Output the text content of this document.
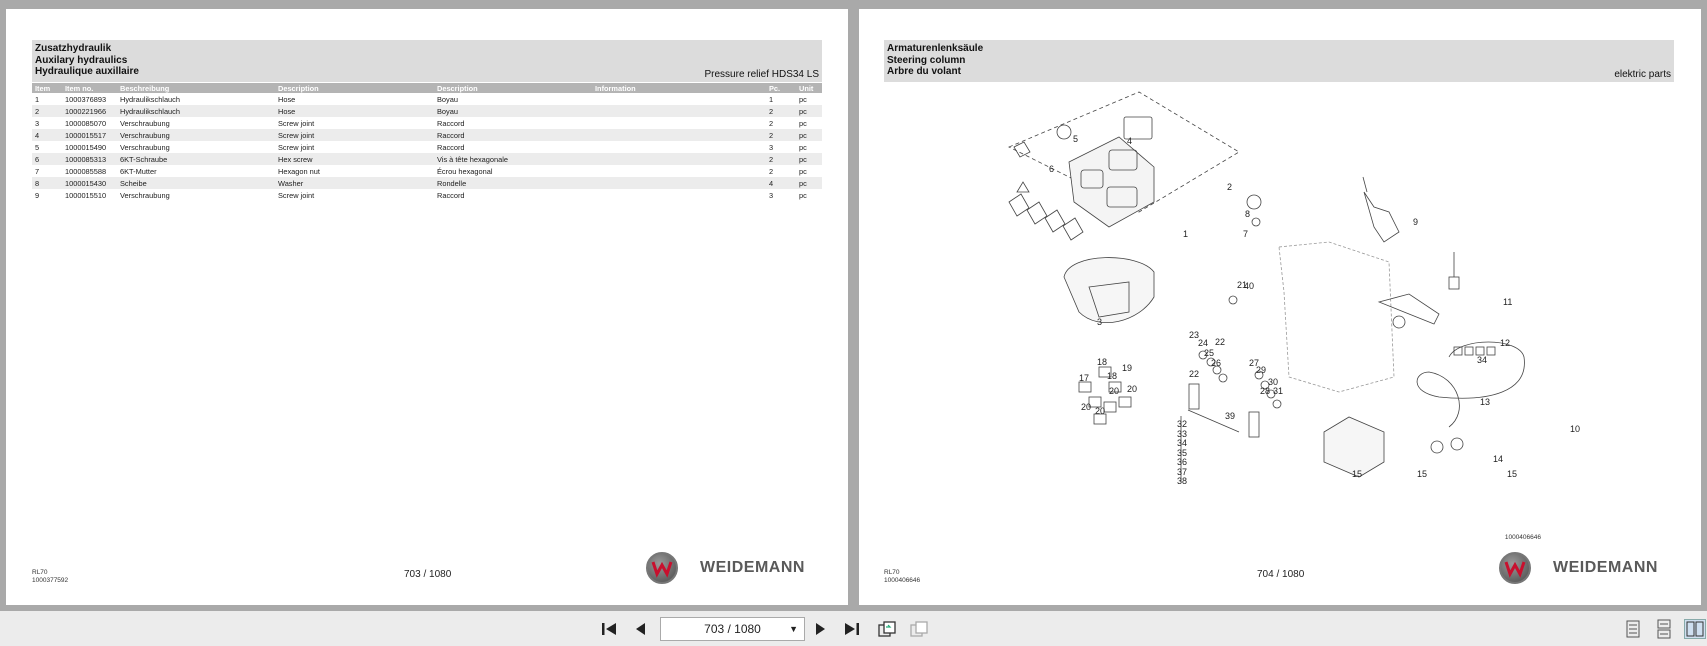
Zusatzhydraulik
Auxilary hydraulics
Hydraulique auxillaire	Pressure relief HDS34 LS
Item	Item no.	Beschreibung	Description	Description	Information	Pc.	Unit
1	1000376893	Hydraulikschlauch	Hose	Boyau		1	pc
2	1000221966	Hydraulikschlauch	Hose	Boyau		2	pc
3	1000085070	Verschraubung	Screw joint	Raccord		2	pc
4	1000015517	Verschraubung	Screw joint	Raccord		2	pc
5	1000015490	Verschraubung	Screw joint	Raccord		3	pc
6	1000085313	6KT-Schraube	Hex screw	Vis à tête hexagonale		2	pc
7	1000085588	6KT-Mutter	Hexagon nut	Écrou hexagonal		2	pc
8	1000015430	Scheibe	Washer	Rondelle		4	pc
9	1000015510	Verschraubung	Screw joint	Raccord		3	pc
RL70
1000377592
703 / 1080	WEIDEMANN
Armaturenlenksäule
Steering column
Arbre du volant	elektric parts
1
2
3
4
5
6
7
8
9
10
11
12
13
14
15	15
15
17
18
18
19
20 20
20
20
21
22
22
23
24
25
26	27
28
29
30
31
32
33
34
34
35
36
37
38
39
40
1000406646
RL70
1000406646
704 / 1080	WEIDEMANN
703 / 1080	▼
